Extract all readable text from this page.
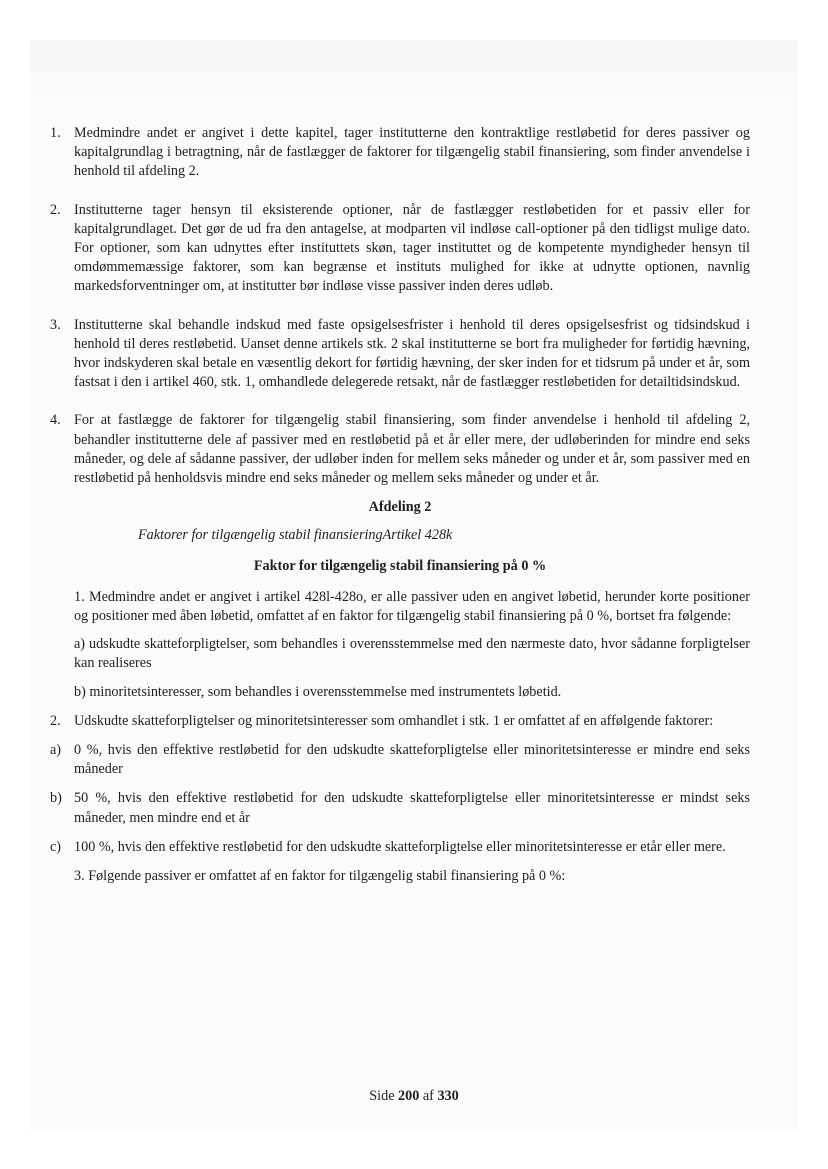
1. Medmindre andet er angivet i dette kapitel, tager institutterne den kontraktlige restløbetid for deres passiver og kapitalgrundlag i betragtning, når de fastlægger de faktorer for tilgængelig stabil finansiering, som finder anvendelse i henhold til afdeling 2.
2. Institutterne tager hensyn til eksisterende optioner, når de fastlægger restløbetiden for et passiv eller for kapitalgrundlaget. Det gør de ud fra den antagelse, at modparten vil indløse call-optioner på den tidligst mulige dato. For optioner, som kan udnyttes efter instituttets skøn, tager instituttet og de kompetente myndigheder hensyn til omdømmemæssige faktorer, som kan begrænse et instituts mulighed for ikke at udnytte optionen, navnlig markedsforventninger om, at institutter bør indløse visse passiver inden deres udløb.
3. Institutterne skal behandle indskud med faste opsigelsesfrister i henhold til deres opsigelsesfrist og tidsindskud i henhold til deres restløbetid. Uanset denne artikels stk. 2 skal institutterne se bort fra muligheder for førtidig hævning, hvor indskyderen skal betale en væsentlig dekort for førtidig hævning, der sker inden for et tidsrum på under et år, som fastsat i den i artikel 460, stk. 1, omhandlede delegerede retsakt, når de fastlægger restløbetiden for detailtidsindskud.
4. For at fastlægge de faktorer for tilgængelig stabil finansiering, som finder anvendelse i henhold til afdeling 2, behandler institutterne dele af passiver med en restløbetid på et år eller mere, der udløberinden for mindre end seks måneder, og dele af sådanne passiver, der udløber inden for mellem seks måneder og under et år, som passiver med en restløbetid på henholdsvis mindre end seks måneder og mellem seks måneder og under et år.
Afdeling 2
Faktorer for tilgængelig stabil finansieringArtikel 428k
Faktor for tilgængelig stabil finansiering på 0 %
1. Medmindre andet er angivet i artikel 428l-428o, er alle passiver uden en angivet løbetid, herunder korte positioner og positioner med åben løbetid, omfattet af en faktor for tilgængelig stabil finansiering på 0 %, bortset fra følgende:
a) udskudte skatteforpligtelser, som behandles i overensstemmelse med den nærmeste dato, hvor sådanne forpligtelser kan realiseres
b) minoritetsinteresser, som behandles i overensstemmelse med instrumentets løbetid.
2. Udskudte skatteforpligtelser og minoritetsinteresser som omhandlet i stk. 1 er omfattet af en affølgende faktorer:
a) 0 %, hvis den effektive restløbetid for den udskudte skatteforpligtelse eller minoritetsinteresse er mindre end seks måneder
b) 50 %, hvis den effektive restløbetid for den udskudte skatteforpligtelse eller minoritetsinteresse er mindst seks måneder, men mindre end et år
c) 100 %, hvis den effektive restløbetid for den udskudte skatteforpligtelse eller minoritetsinteresse er etår eller mere.
3. Følgende passiver er omfattet af en faktor for tilgængelig stabil finansiering på 0 %:
Side 200 af 330
